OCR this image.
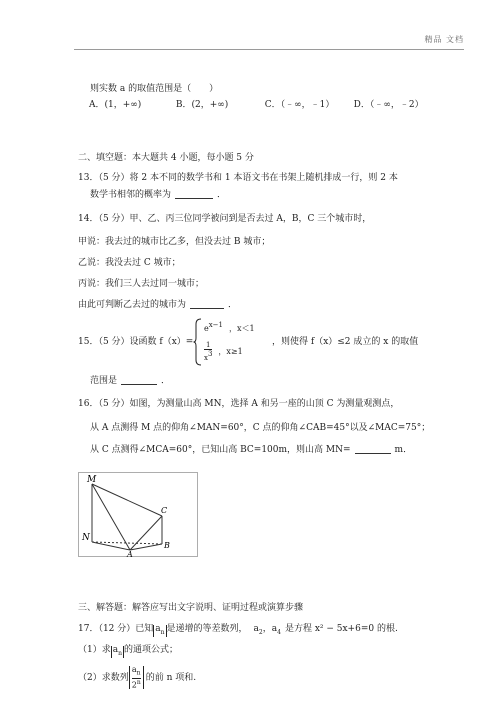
精品 文档
则实数 a 的取值范围是（　　）
A．(1，+∞)	B．(2，+∞)	C．（﹣∞，﹣1） D．（﹣∞，﹣2）
二、填空题：本大题共 4 小题，每小题 5 分
13．（5 分）将 2 本不同的数学书和 1 本语文书在书架上随机排成一行，则 2 本
数学书相邻的概率为	．
14．（5 分）甲、乙、丙三位同学被问到是否去过 A，B，C 三个城市时，
甲说：我去过的城市比乙多，但没去过 B 城市；
乙说：我没去过 C 城市；
丙说：我们三人去过同一城市；
由此可判断乙去过的城市为	．
15．（5 分）设函数 f（x）=
ex−1 ，x＜1
$\frac{1}{x3}$ ，x≥1
，则使得 f（x）≤2 成立的 x 的取值
范围是	．
16．（5 分）如图，为测量山高 MN，选择 A 和另一座的山顶 C 为测量观测点，
从 A 点测得 M 点的仰角∠MAN=60°，C 点的仰角∠CAB=45°以及∠MAC=75°；
从 C 点测得∠MCA=60°，已知山高 BC=100m，则山高 MN=	m．
M
N
A
B
C
三、解答题：解答应写出文字说明、证明过程或演算步骤
17．（12 分）已知 $a_n$ 是递增的等差数列， $a_2$，$a_4$ 是方程 x² − 5x+6=0 的根.
（1）求 $a_n$ 的通项公式；
（2）求数列 $\frac{a_n}{2^n}$ 的前 n 项和.
